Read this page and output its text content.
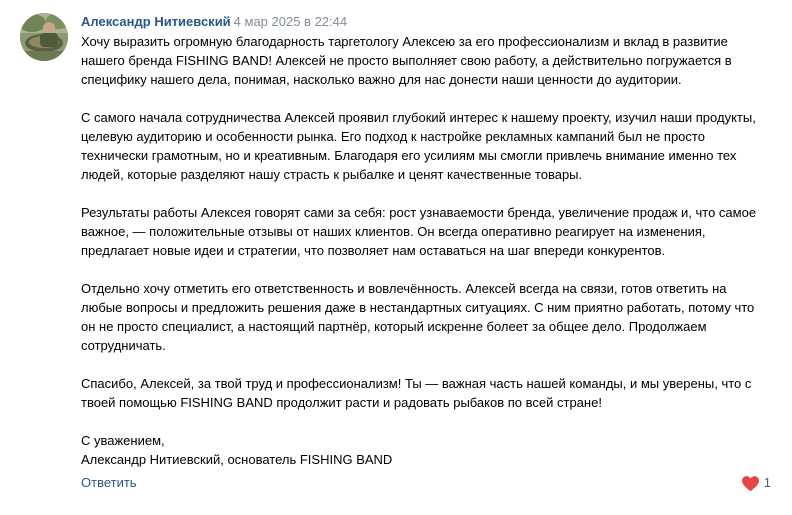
Александр Нитиевский 4 мар 2025 в 22:44

Хочу выразить огромную благодарность таргетологу Алексею за его профессионализм и вклад в развитие
нашего бренда FISHING BAND! Алексей не просто выполняет свою работу, а действительно погружается в
специфику нашего дела, понимая, насколько важно для нас донести наши ценности до аудитории.

С самого начала сотрудничества Алексей проявил глубокий интерес к нашему проекту, изучил наши продукты,
целевую аудиторию и особенности рынка. Его подход к настройке рекламных кампаний был не просто
технически грамотным, но и креативным. Благодаря его усилиям мы смогли привлечь внимание именно тех
людей, которые разделяют нашу страсть к рыбалке и ценят качественные товары.

Результаты работы Алексея говорят сами за себя: рост узнаваемости бренда, увеличение продаж и, что самое
важное, — положительные отзывы от наших клиентов. Он всегда оперативно реагирует на изменения,
предлагает новые идеи и стратегии, что позволяет нам оставаться на шаг впереди конкурентов.

Отдельно хочу отметить его ответственность и вовлечённость. Алексей всегда на связи, готов ответить на
любые вопросы и предложить решения даже в нестандартных ситуациях. С ним приятно работать, потому что
он не просто специалист, а настоящий партнёр, который искренне болеет за общее дело. Продолжаем
сотрудничать.

Спасибо, Алексей, за твой труд и профессионализм! Ты — важная часть нашей команды, и мы уверены, что с
твоей помощью FISHING BAND продолжит расти и радовать рыбаков по всей стране!

С уважением,
Александр Нитиевский, основатель FISHING BAND

Ответить	1
